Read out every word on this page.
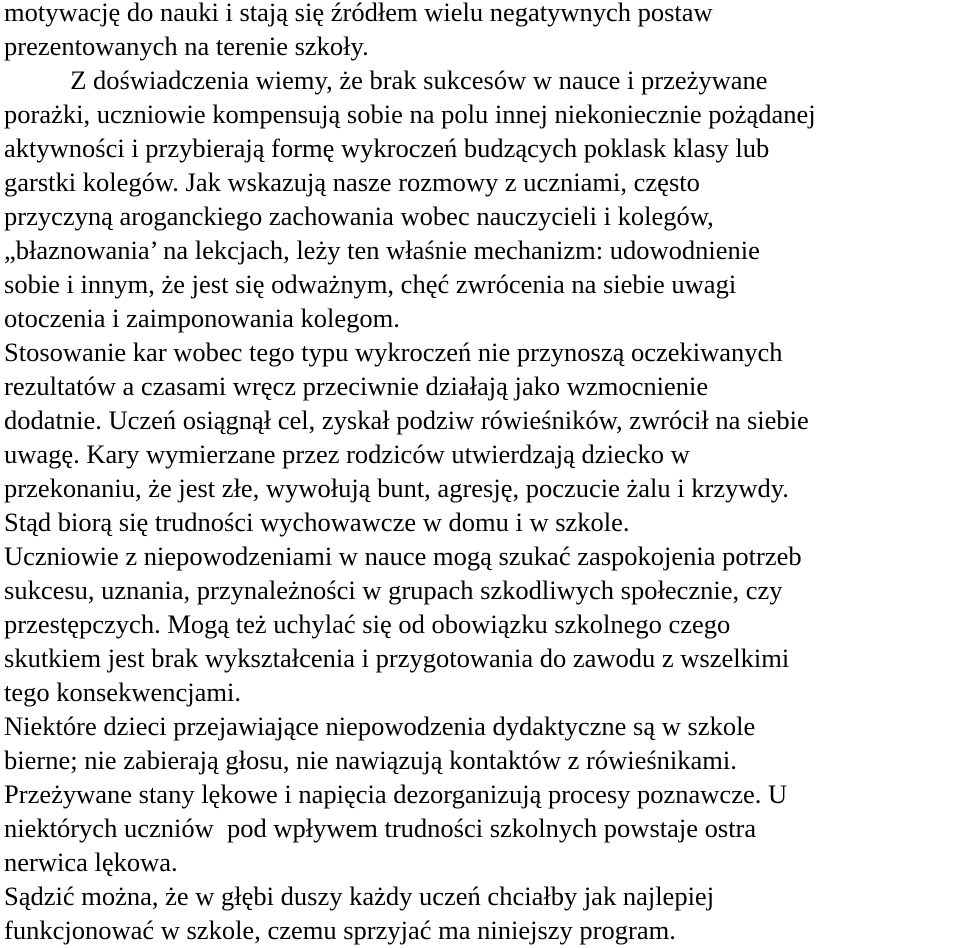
motywację do nauki i stają się źródłem wielu negatywnych postaw
prezentowanych na terenie szkoły.
Z doświadczenia wiemy, że brak sukcesów w nauce i przeżywane
porażki, uczniowie kompensują sobie na polu innej niekoniecznie pożądanej
aktywności i przybierają formę wykroczeń budzących poklask klasy lub
garstki kolegów. Jak wskazują nasze rozmowy z uczniami, często
przyczyną aroganckiego zachowania wobec nauczycieli i kolegów,
„błaznowania’ na lekcjach, leży ten właśnie mechanizm: udowodnienie
sobie i innym, że jest się odważnym, chęć zwrócenia na siebie uwagi
otoczenia i zaimponowania kolegom.
Stosowanie kar wobec tego typu wykroczeń nie przynoszą oczekiwanych
rezultatów a czasami wręcz przeciwnie działają jako wzmocnienie
dodatnie. Uczeń osiągnął cel, zyskał podziw rówieśników, zwrócił na siebie
uwagę. Kary wymierzane przez rodziców utwierdzają dziecko w
przekonaniu, że jest złe, wywołują bunt, agresję, poczucie żalu i krzywdy.
Stąd biorą się trudności wychowawcze w domu i w szkole.
Uczniowie z niepowodzeniami w nauce mogą szukać zaspokojenia potrzeb
sukcesu, uznania, przynależności w grupach szkodliwych społecznie, czy
przestępczych. Mogą też uchylać się od obowiązku szkolnego czego
skutkiem jest brak wykształcenia i przygotowania do zawodu z wszelkimi
tego konsekwencjami.
Niektóre dzieci przejawiające niepowodzenia dydaktyczne są w szkole
bierne; nie zabierają głosu, nie nawiązują kontaktów z rówieśnikami.
Przeżywane stany lękowe i napięcia dezorganizują procesy poznawcze. U
niektórych uczniów  pod wpływem trudności szkolnych powstaje ostra
nerwica lękowa.
Sądzić można, że w głębi duszy każdy uczeń chciałby jak najlepiej
funkcjonować w szkole, czemu sprzyjać ma niniejszy program.
